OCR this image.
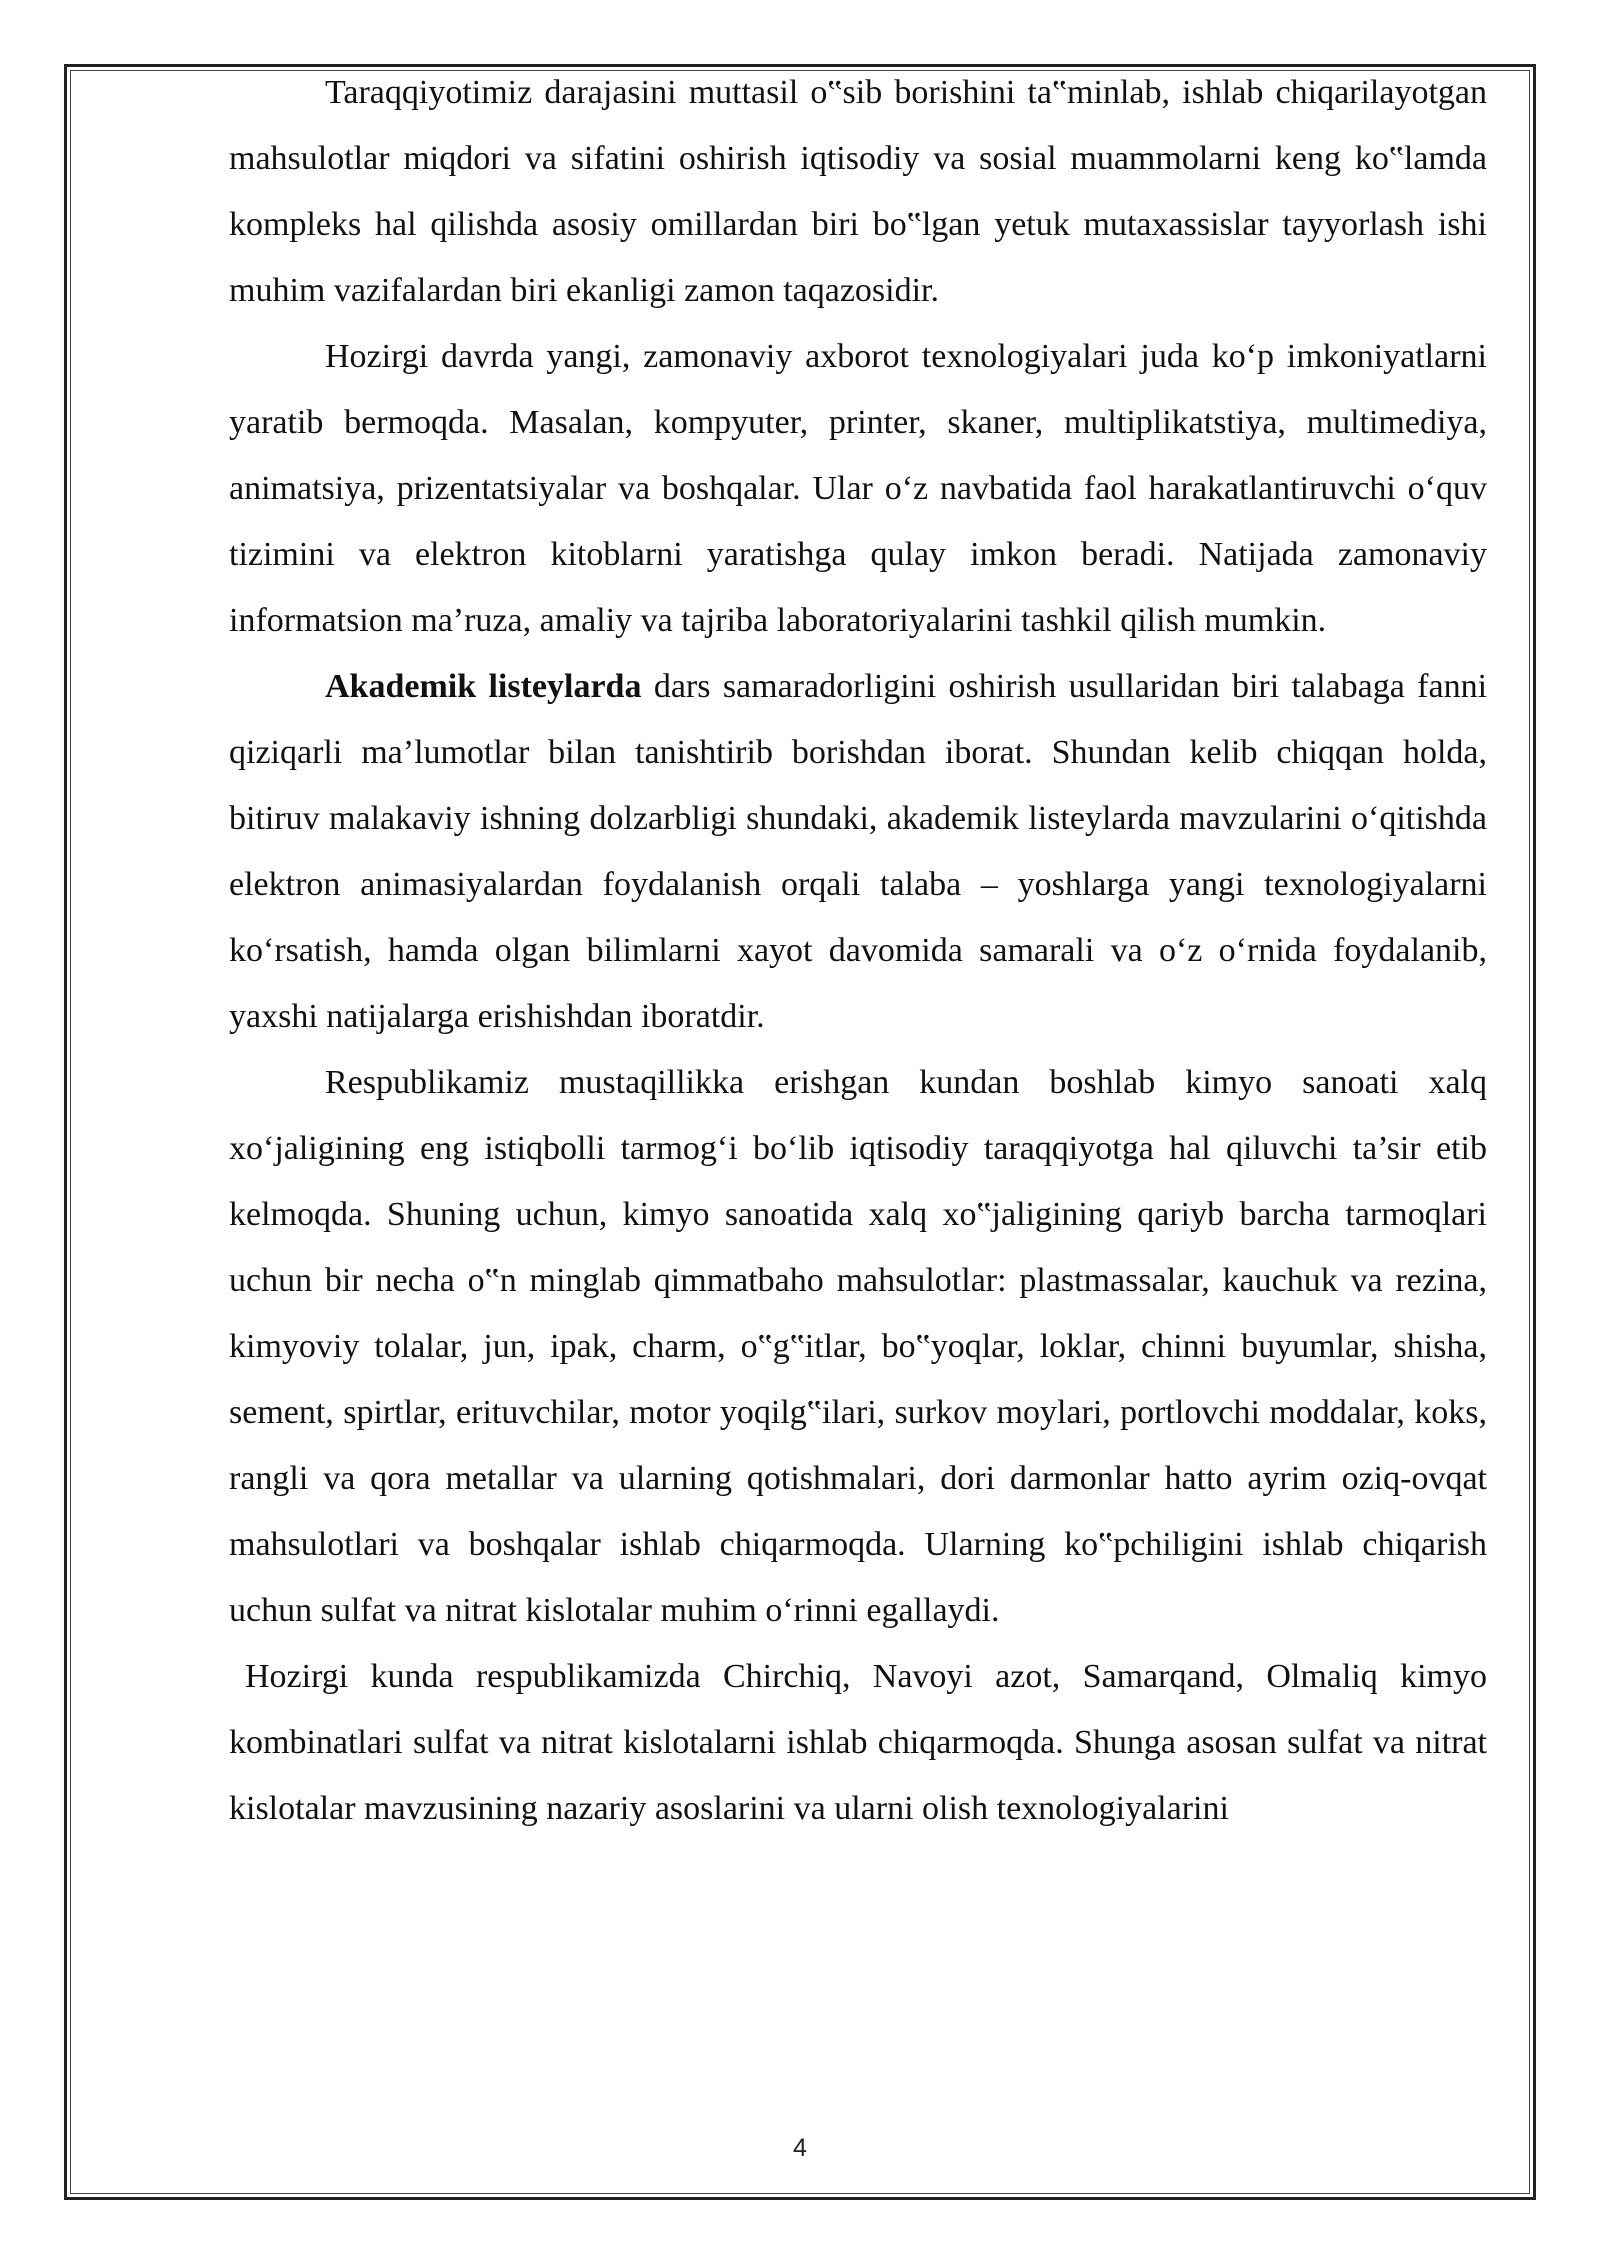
Taraqqiyotimiz darajasini muttasil o‟sib borishini ta‟minlab, ishlab chiqarilayotgan mahsulotlar miqdori va sifatini oshirish iqtisodiy va sosial muammolarni keng ko‟lamda kompleks hal qilishda asosiy omillardan biri bo‟lgan yetuk mutaxassislar tayyorlash ishi muhim vazifalardan biri ekanligi zamon taqazosidir.

Hozirgi davrda yangi, zamonaviy axborot texnologiyalari juda ko‘p imkoniyatlarni yaratib bermoqda. Masalan, kompyuter, printer, skaner, multiplikatstiya, multimediya, animatsiya, prizentatsiyalar va boshqalar. Ular o‘z navbatida faol harakatlantiruvchi o‘quv tizimini va elektron kitoblarni yaratishga qulay imkon beradi. Natijada zamonaviy informatsion ma’ruza, amaliy va tajriba laboratoriyalarini tashkil qilish mumkin.

Akademik listeylarda dars samaradorligini oshirish usullaridan biri talabaga fanni qiziqarli ma’lumotlar bilan tanishtirib borishdan iborat. Shundan kelib chiqqan holda, bitiruv malakaviy ishning dolzarbligi shundaki, akademik listeylarda mavzularini o‘qitishda elektron animasiyalardan foydalanish orqali talaba – yoshlarga yangi texnologiyalarni ko‘rsatish, hamda olgan bilimlarni xayot davomida samarali va o‘z o‘rnida foydalanib, yaxshi natijalarga erishishdan iboratdir.

Respublikamiz mustaqillikka erishgan kundan boshlab kimyo sanoati xalq xo‘jaligining eng istiqbolli tarmog‘i bo‘lib iqtisodiy taraqqiyotga hal qiluvchi ta’sir etib kelmoqda. Shuning uchun, kimyo sanoatida xalq xo‟jaligining qariyb barcha tarmoqlari uchun bir necha o‟n minglab qimmatbaho mahsulotlar: plastmassalar, kauchuk va rezina, kimyoviy tolalar, jun, ipak, charm, o‟g‟itlar, bo‟yoqlar, loklar, chinni buyumlar, shisha, sement, spirtlar, erituvchilar, motor yoqilg‟ilari, surkov moylari, portlovchi moddalar, koks, rangli va qora metallar va ularning qotishmalari, dori darmonlar hatto ayrim oziq-ovqat mahsulotlari va boshqalar ishlab chiqarmoqda. Ularning ko‟pchiligini ishlab chiqarish uchun sulfat va nitrat kislotalar muhim o‘rinni egallaydi.

Hozirgi kunda respublikamizda Chirchiq, Navoyi azot, Samarqand, Olmaliq kimyo kombinatlari sulfat va nitrat kislotalarni ishlab chiqarmoqda. Shunga asosan sulfat va nitrat kislotalar mavzusining nazariy asoslarini va ularni olish texnologiyalarini

4
